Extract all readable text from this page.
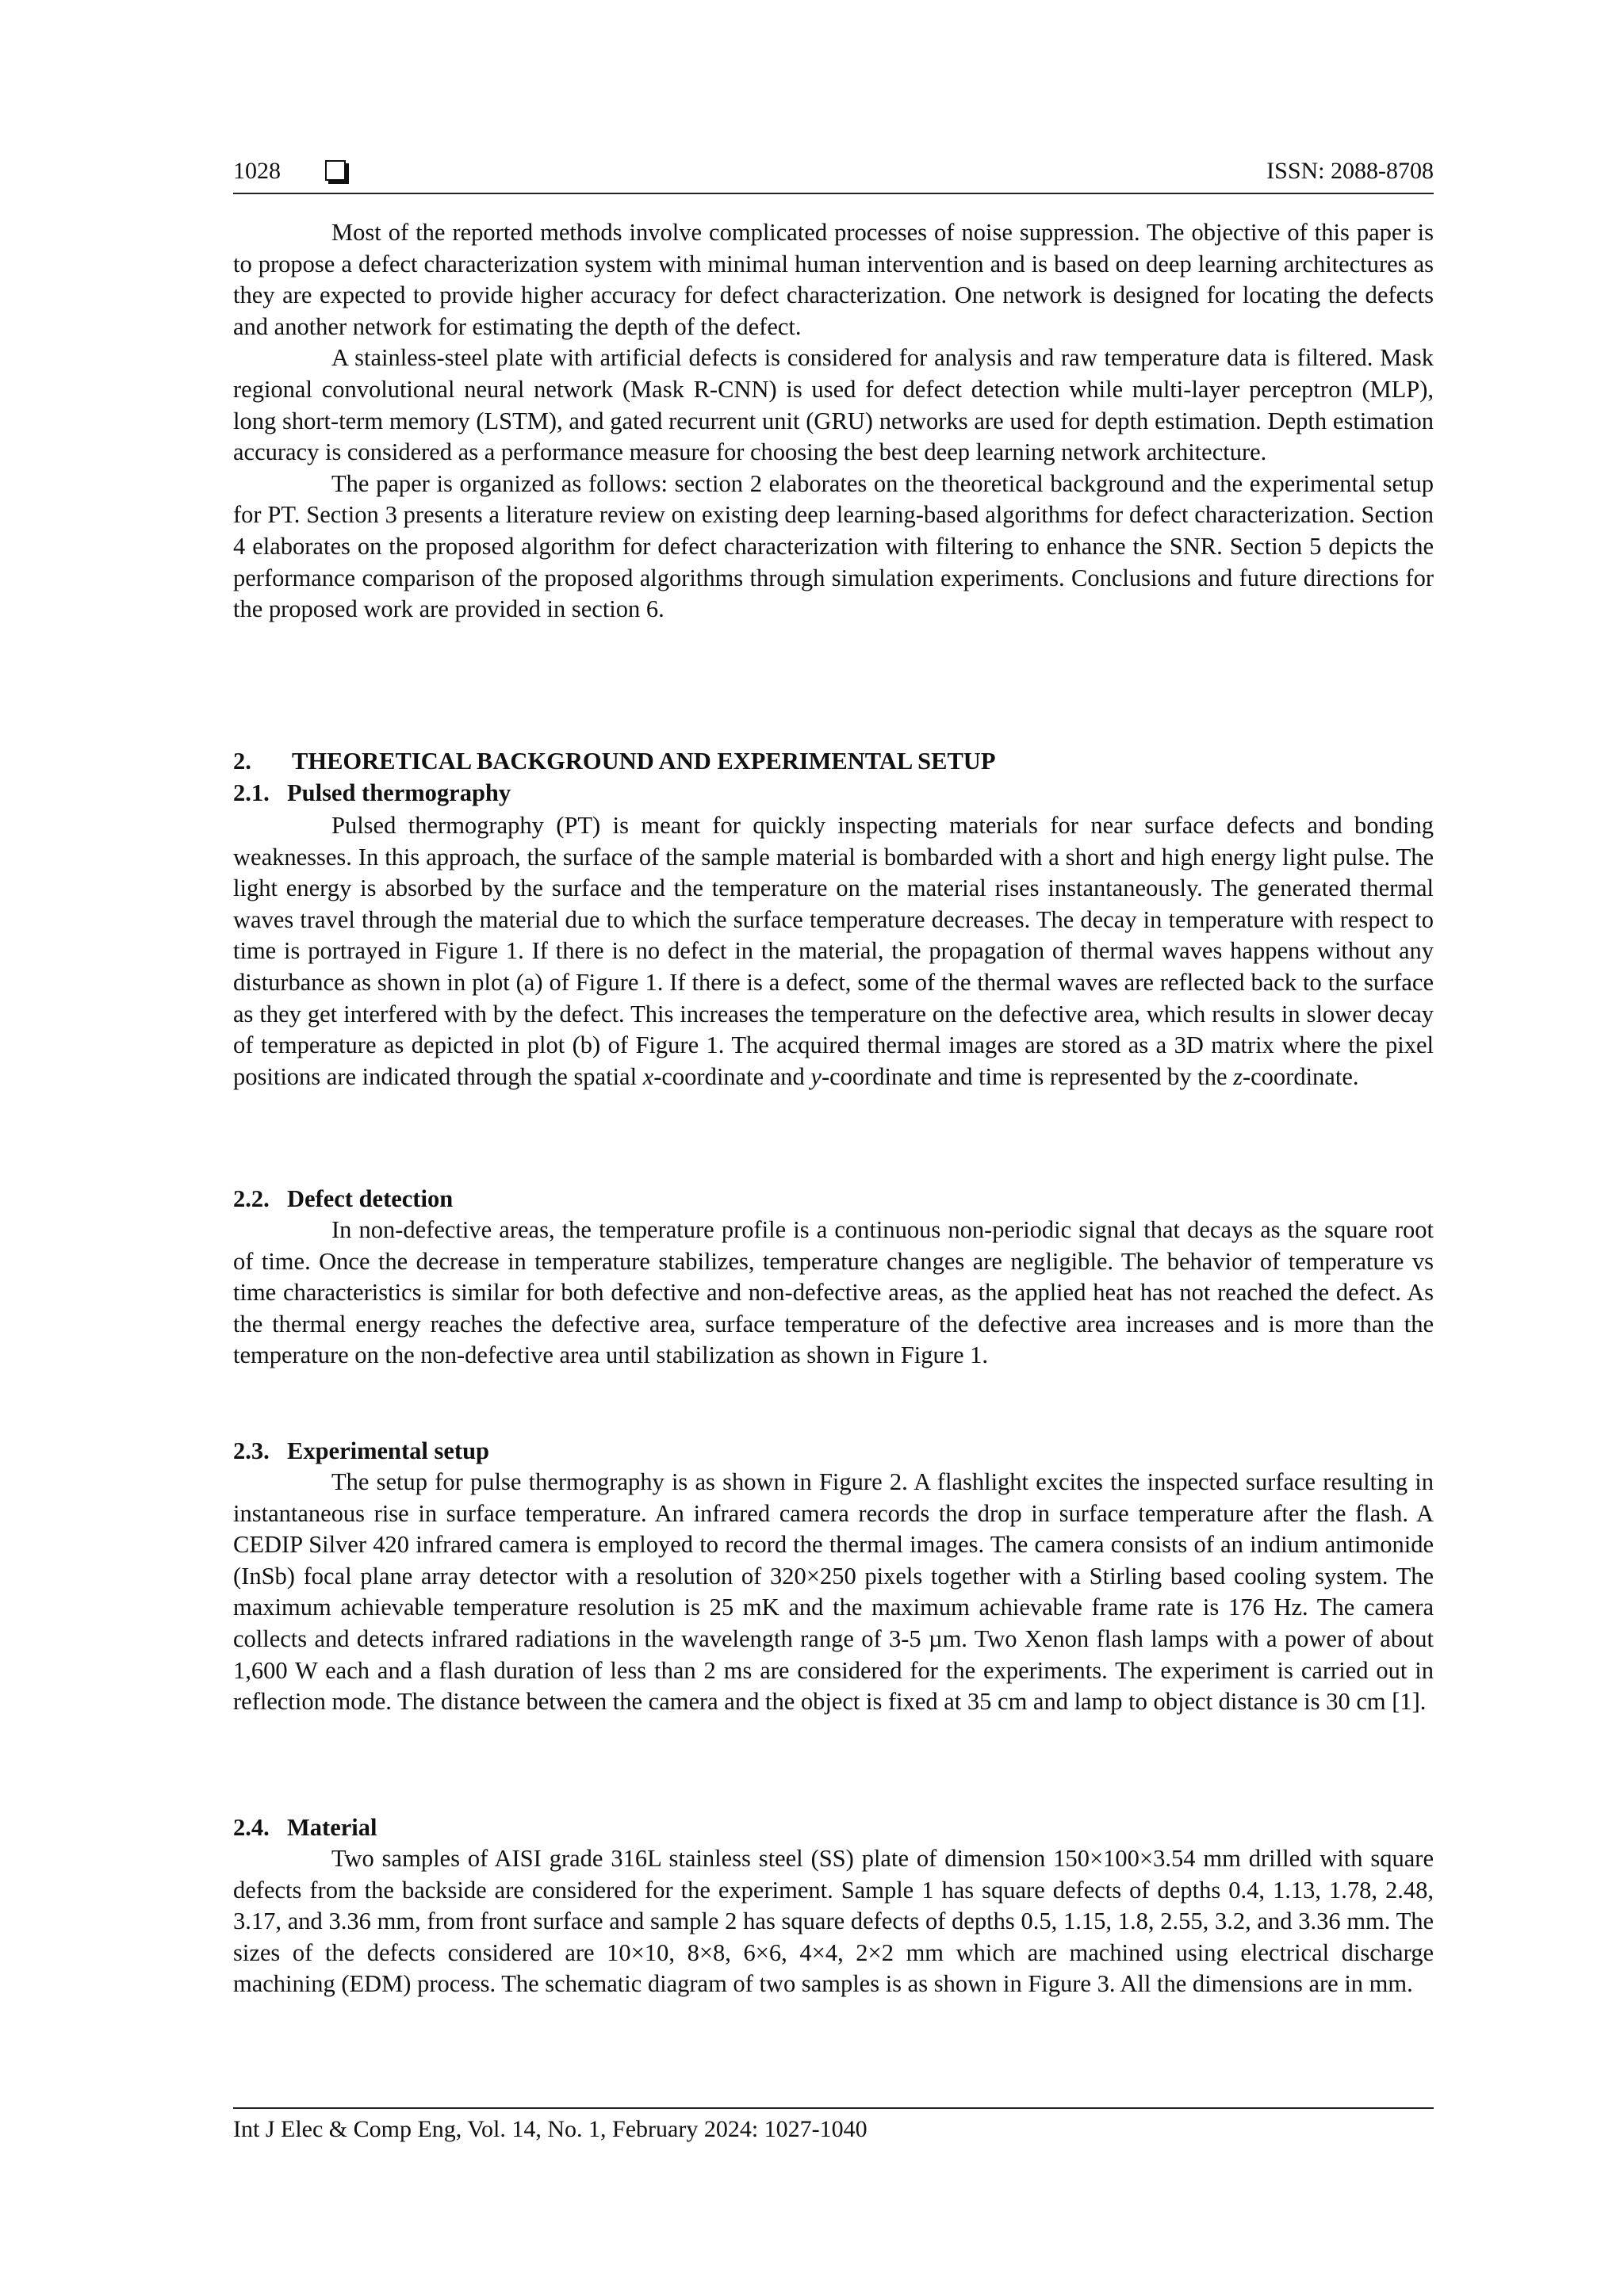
1028	ISSN: 2088-8708

Most of the reported methods involve complicated processes of noise suppression. The objective of this paper is to propose a defect characterization system with minimal human intervention and is based on deep learning architectures as they are expected to provide higher accuracy for defect characterization. One network is designed for locating the defects and another network for estimating the depth of the defect.

A stainless-steel plate with artificial defects is considered for analysis and raw temperature data is filtered. Mask regional convolutional neural network (Mask R-CNN) is used for defect detection while multi-layer perceptron (MLP), long short-term memory (LSTM), and gated recurrent unit (GRU) networks are used for depth estimation. Depth estimation accuracy is considered as a performance measure for choosing the best deep learning network architecture.

The paper is organized as follows: section 2 elaborates on the theoretical background and the experimental setup for PT. Section 3 presents a literature review on existing deep learning-based algorithms for defect characterization. Section 4 elaborates on the proposed algorithm for defect characterization with filtering to enhance the SNR. Section 5 depicts the performance comparison of the proposed algorithms through simulation experiments. Conclusions and future directions for the proposed work are provided in section 6.

2. THEORETICAL BACKGROUND AND EXPERIMENTAL SETUP
2.1. Pulsed thermography

Pulsed thermography (PT) is meant for quickly inspecting materials for near surface defects and bonding weaknesses. In this approach, the surface of the sample material is bombarded with a short and high energy light pulse. The light energy is absorbed by the surface and the temperature on the material rises instantaneously. The generated thermal waves travel through the material due to which the surface temperature decreases. The decay in temperature with respect to time is portrayed in Figure 1. If there is no defect in the material, the propagation of thermal waves happens without any disturbance as shown in plot (a) of Figure 1. If there is a defect, some of the thermal waves are reflected back to the surface as they get interfered with by the defect. This increases the temperature on the defective area, which results in slower decay of temperature as depicted in plot (b) of Figure 1. The acquired thermal images are stored as a 3D matrix where the pixel positions are indicated through the spatial x-coordinate and y-coordinate and time is represented by the z-coordinate.

2.2. Defect detection

In non-defective areas, the temperature profile is a continuous non-periodic signal that decays as the square root of time. Once the decrease in temperature stabilizes, temperature changes are negligible. The behavior of temperature vs time characteristics is similar for both defective and non-defective areas, as the applied heat has not reached the defect. As the thermal energy reaches the defective area, surface temperature of the defective area increases and is more than the temperature on the non-defective area until stabilization as shown in Figure 1.

2.3. Experimental setup

The setup for pulse thermography is as shown in Figure 2. A flashlight excites the inspected surface resulting in instantaneous rise in surface temperature. An infrared camera records the drop in surface temperature after the flash. A CEDIP Silver 420 infrared camera is employed to record the thermal images. The camera consists of an indium antimonide (InSb) focal plane array detector with a resolution of 320×250 pixels together with a Stirling based cooling system. The maximum achievable temperature resolution is 25 mK and the maximum achievable frame rate is 176 Hz. The camera collects and detects infrared radiations in the wavelength range of 3-5 µm. Two Xenon flash lamps with a power of about 1,600 W each and a flash duration of less than 2 ms are considered for the experiments. The experiment is carried out in reflection mode. The distance between the camera and the object is fixed at 35 cm and lamp to object distance is 30 cm [1].

2.4. Material

Two samples of AISI grade 316L stainless steel (SS) plate of dimension 150×100×3.54 mm drilled with square defects from the backside are considered for the experiment. Sample 1 has square defects of depths 0.4, 1.13, 1.78, 2.48, 3.17, and 3.36 mm, from front surface and sample 2 has square defects of depths 0.5, 1.15, 1.8, 2.55, 3.2, and 3.36 mm. The sizes of the defects considered are 10×10, 8×8, 6×6, 4×4, 2×2 mm which are machined using electrical discharge machining (EDM) process. The schematic diagram of two samples is as shown in Figure 3. All the dimensions are in mm.

Int J Elec & Comp Eng, Vol. 14, No. 1, February 2024: 1027-1040
